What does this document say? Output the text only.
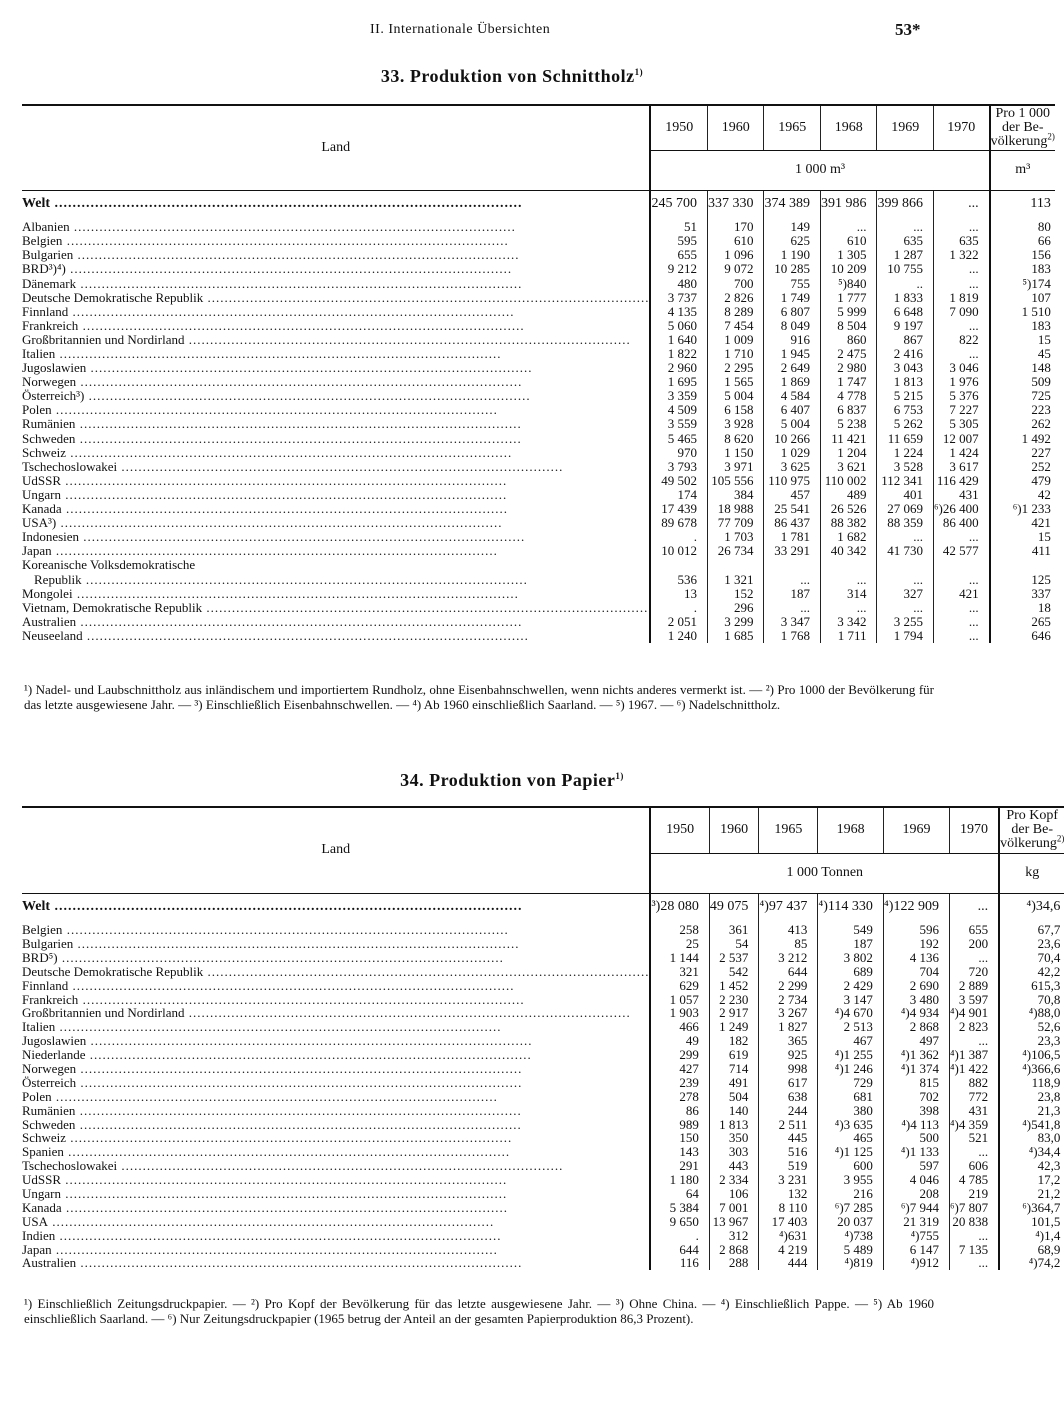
II. Internationale Übersichten	53*
33. Produktion von Schnittholz$^{1)}$
Land	1950	1960	1965	1968	1969	1970	Pro 1 000
der Be-
völkerung$^{2)}$
	1 000 m³						m³

Welt .....	245 700	337 330	374 389	391 986	399 866	...	113

Albanien .....	51	170	149	...	...	...	80

Belgien .....	595	610	625	610	635	635	66

Bulgarien .....	655	1 096	1 190	1 305	1 287	1 322	156

BRD³)⁴) .....	9 212	9 072	10 285	10 209	10 755	...	183

Dänemark .....	480	700	755	⁵)840	..	...	⁵)174

Deutsche Demokratische Republik .....	3 737	2 826	1 749	1 777	1 833	1 819	107

Finnland .....	4 135	8 289	6 807	5 999	6 648	7 090	1 510

Frankreich .....	5 060	7 454	8 049	8 504	9 197	...	183

Großbritannien und Nordirland .....	1 640	1 009	916	860	867	822	15

Italien .....	1 822	1 710	1 945	2 475	2 416	...	45

Jugoslawien .....	2 960	2 295	2 649	2 980	3 043	3 046	148

Norwegen .....	1 695	1 565	1 869	1 747	1 813	1 976	509

Österreich³) .....	3 359	5 004	4 584	4 778	5 215	5 376	725

Polen .....	4 509	6 158	6 407	6 837	6 753	7 227	223

Rumänien .....	3 559	3 928	5 004	5 238	5 262	5 305	262

Schweden .....	5 465	8 620	10 266	11 421	11 659	12 007	1 492

Schweiz .....	970	1 150	1 029	1 204	1 224	1 424	227

Tschechoslowakei .....	3 793	3 971	3 625	3 621	3 528	3 617	252

UdSSR .....	49 502	105 556	110 975	110 002	112 341	116 429	479

Ungarn .....	174	384	457	489	401	431	42

Kanada .....	17 439	18 988	25 541	26 526	27 069	⁶)26 400	⁶)1 233

USA³) .....	89 678	77 709	86 437	88 382	88 359	86 400	421

Indonesien .....	.	1 703	1 781	1 682	...	...	15

Japan .....	10 012	26 734	33 291	40 342	41 730	42 577	411
Koreanische Volksdemokratische							

Republik .....	536	1 321	...	...	...	...	125

Mongolei .....	13	152	187	314	327	421	337

Vietnam, Demokratische Republik .....	.	296	...	...	...	...	18

Australien .....	2 051	3 299	3 347	3 342	3 255	...	265

Neuseeland .....	1 240	1 685	1 768	1 711	1 794	...	646
¹) Nadel- und Laubschnittholz aus inländischem und importiertem Rundholz, ohne Eisenbahnschwellen, wenn nichts anderes vermerkt ist. — ²) Pro 1000 der Bevölkerung für das letzte ausgewiesene Jahr. — ³) Einschließlich Eisenbahnschwellen. — ⁴) Ab 1960 einschließlich Saarland. — ⁵) 1967. — ⁶) Nadelschnittholz.
34. Produktion von Papier$^{1)}$
Land	1950	1960	1965	1968	1969	1970	Pro Kopf
der Be-
völkerung$^{2)}$
	1 000 Tonnen						kg

Welt .....	³)28 080	49 075	⁴)97 437	⁴)114 330	⁴)122 909	...	⁴)34,6

Belgien .....	258	361	413	549	596	655	67,7

Bulgarien .....	25	54	85	187	192	200	23,6

BRD⁵) .....	1 144	2 537	3 212	3 802	4 136	...	70,4

Deutsche Demokratische Republik .....	321	542	644	689	704	720	42,2

Finnland .....	629	1 452	2 299	2 429	2 690	2 889	615,3

Frankreich .....	1 057	2 230	2 734	3 147	3 480	3 597	70,8

Großbritannien und Nordirland .....	1 903	2 917	3 267	⁴)4 670	⁴)4 934	⁴)4 901	⁴)88,0

Italien .....	466	1 249	1 827	2 513	2 868	2 823	52,6

Jugoslawien .....	49	182	365	467	497	...	23,3

Niederlande .....	299	619	925	⁴)1 255	⁴)1 362	⁴)1 387	⁴)106,5

Norwegen .....	427	714	998	⁴)1 246	⁴)1 374	⁴)1 422	⁴)366,6

Österreich .....	239	491	617	729	815	882	118,9

Polen .....	278	504	638	681	702	772	23,8

Rumänien .....	86	140	244	380	398	431	21,3

Schweden .....	989	1 813	2 511	⁴)3 635	⁴)4 113	⁴)4 359	⁴)541,8

Schweiz .....	150	350	445	465	500	521	83,0

Spanien .....	143	303	516	⁴)1 125	⁴)1 133	...	⁴)34,4

Tschechoslowakei .....	291	443	519	600	597	606	42,3

UdSSR .....	1 180	2 334	3 231	3 955	4 046	4 785	17,2

Ungarn .....	64	106	132	216	208	219	21,2

Kanada .....	5 384	7 001	8 110	⁶)7 285	⁶)7 944	⁶)7 807	⁶)364,7

USA .....	9 650	13 967	17 403	20 037	21 319	20 838	101,5

Indien .....	.	312	⁴)631	⁴)738	⁴)755	...	⁴)1,4

Japan .....	644	2 868	4 219	5 489	6 147	7 135	68,9

Australien .....	116	288	444	⁴)819	⁴)912	...	⁴)74,2
¹) Einschließlich Zeitungsdruckpapier. — ²) Pro Kopf der Bevölkerung für das letzte ausgewiesene Jahr. — ³) Ohne China. — ⁴) Einschließlich Pappe. — ⁵) Ab 1960 einschließlich Saarland. — ⁶) Nur Zeitungsdruckpapier (1965 betrug der Anteil an der gesamten Papierproduktion 86,3 Prozent).
